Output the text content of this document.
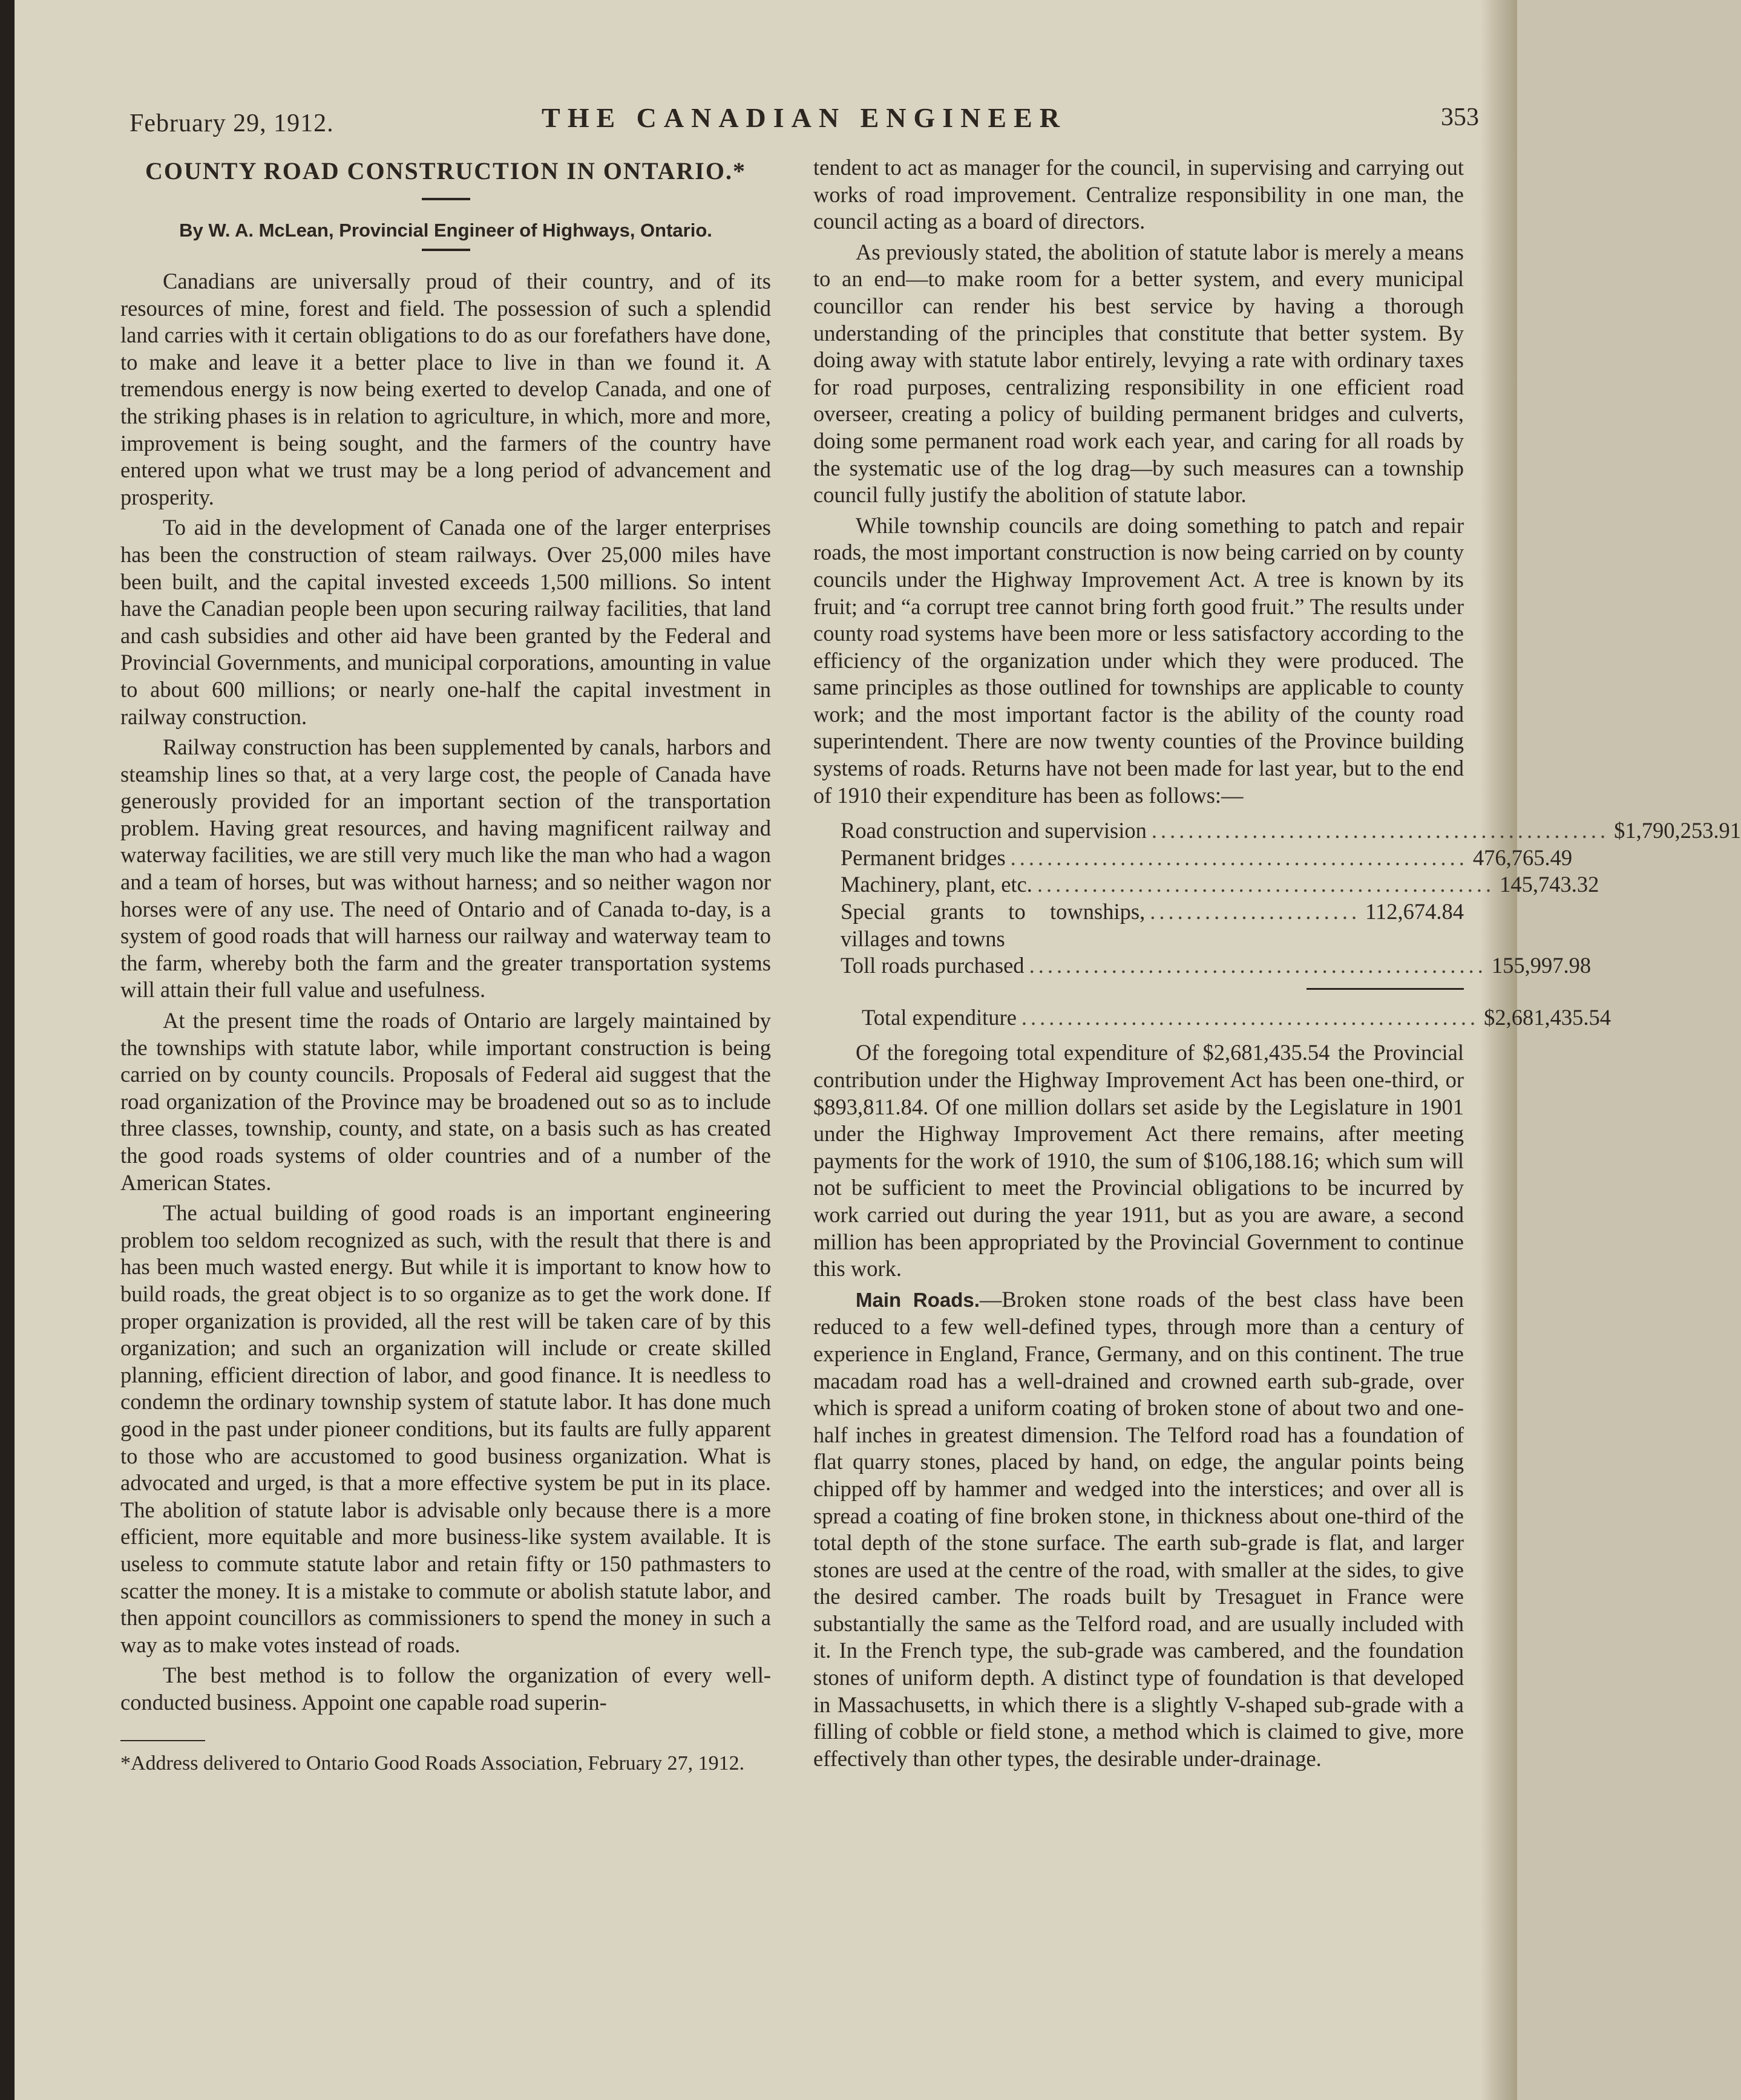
February 29, 1912.	THE CANADIAN ENGINEER	353
COUNTY ROAD CONSTRUCTION IN ONTARIO.*
By W. A. McLean, Provincial Engineer of Highways, Ontario.

Canadians are universally proud of their country, and of its resources of mine, forest and field. The possession of such a splendid land carries with it certain obligations to do as our forefathers have done, to make and leave it a better place to live in than we found it. A tremendous energy is now being exerted to develop Canada, and one of the striking phases is in relation to agriculture, in which, more and more, improvement is being sought, and the farmers of the country have entered upon what we trust may be a long period of advancement and prosperity.

To aid in the development of Canada one of the larger enterprises has been the construction of steam railways. Over 25,000 miles have been built, and the capital invested exceeds 1,500 millions. So intent have the Canadian people been upon securing railway facilities, that land and cash subsidies and other aid have been granted by the Federal and Provincial Governments, and municipal corporations, amounting in value to about 600 millions; or nearly one-half the capital investment in railway construction.

Railway construction has been supplemented by canals, harbors and steamship lines so that, at a very large cost, the people of Canada have generously provided for an important section of the transportation problem. Having great resources, and having magnificent railway and waterway facilities, we are still very much like the man who had a wagon and a team of horses, but was without harness; and so neither wagon nor horses were of any use. The need of Ontario and of Canada to-day, is a system of good roads that will harness our railway and waterway team to the farm, whereby both the farm and the greater transportation systems will attain their full value and usefulness.

At the present time the roads of Ontario are largely maintained by the townships with statute labor, while important construction is being carried on by county councils. Proposals of Federal aid suggest that the road organization of the Province may be broadened out so as to include three classes, township, county, and state, on a basis such as has created the good roads systems of older countries and of a number of the American States.

The actual building of good roads is an important engineering problem too seldom recognized as such, with the result that there is and has been much wasted energy. But while it is important to know how to build roads, the great object is to so organize as to get the work done. If proper organization is provided, all the rest will be taken care of by this organization; and such an organization will include or create skilled planning, efficient direction of labor, and good finance. It is needless to condemn the ordinary township system of statute labor. It has done much good in the past under pioneer conditions, but its faults are fully apparent to those who are accustomed to good business organization. What is advocated and urged, is that a more effective system be put in its place. The abolition of statute labor is advisable only because there is a more efficient, more equitable and more business-like system available. It is useless to commute statute labor and retain fifty or 150 pathmasters to scatter the money. It is a mistake to commute or abolish statute labor, and then appoint councillors as commissioners to spend the money in such a way as to make votes instead of roads.

The best method is to follow the organization of every well-conducted business. Appoint one capable road superin-

*Address delivered to Ontario Good Roads Association, February 27, 1912.

tendent to act as manager for the council, in supervising and carrying out works of road improvement. Centralize responsibility in one man, the council acting as a board of directors.

As previously stated, the abolition of statute labor is merely a means to an end—to make room for a better system, and every municipal councillor can render his best service by having a thorough understanding of the principles that constitute that better system. By doing away with statute labor entirely, levying a rate with ordinary taxes for road purposes, centralizing responsibility in one efficient road overseer, creating a policy of building permanent bridges and culverts, doing some permanent road work each year, and caring for all roads by the systematic use of the log drag—by such measures can a township council fully justify the abolition of statute labor.

While township councils are doing something to patch and repair roads, the most important construction is now being carried on by county councils under the Highway Improvement Act. A tree is known by its fruit; and “a corrupt tree cannot bring forth good fruit.” The results under county road systems have been more or less satisfactory according to the efficiency of the organization under which they were produced. The same principles as those outlined for townships are applicable to county work; and the most important factor is the ability of the county road superintendent. There are now twenty counties of the Province building systems of roads. Returns have not been made for last year, but to the end of 1910 their expenditure has been as follows:—

Road construction and supervision .................................................. $1,790,253.91
Permanent bridges .................................................. 476,765.49
Machinery, plant, etc. .................................................. 145,743.32
Special grants to townships, villages and towns
....................... 112,674.84
Toll roads purchased .................................................. 155,997.98
Total expenditure .................................................. $2,681,435.54

Of the foregoing total expenditure of $2,681,435.54 the Provincial contribution under the Highway Improvement Act has been one-third, or $893,811.84. Of one million dollars set aside by the Legislature in 1901 under the Highway Improvement Act there remains, after meeting payments for the work of 1910, the sum of $106,188.16; which sum will not be sufficient to meet the Provincial obligations to be incurred by work carried out during the year 1911, but as you are aware, a second million has been appropriated by the Provincial Government to continue this work.

Main Roads.—Broken stone roads of the best class have been reduced to a few well-defined types, through more than a century of experience in England, France, Germany, and on this continent. The true macadam road has a well-drained and crowned earth sub-grade, over which is spread a uniform coating of broken stone of about two and one-half inches in greatest dimension. The Telford road has a foundation of flat quarry stones, placed by hand, on edge, the angular points being chipped off by hammer and wedged into the interstices; and over all is spread a coating of fine broken stone, in thickness about one-third of the total depth of the stone surface. The earth sub-grade is flat, and larger stones are used at the centre of the road, with smaller at the sides, to give the desired camber. The roads built by Tresaguet in France were substantially the same as the Telford road, and are usually included with it. In the French type, the sub-grade was cambered, and the foundation stones of uniform depth. A distinct type of foundation is that developed in Massachusetts, in which there is a slightly V-shaped sub-grade with a filling of cobble or field stone, a method which is claimed to give, more effectively than other types, the desirable under-drainage.
